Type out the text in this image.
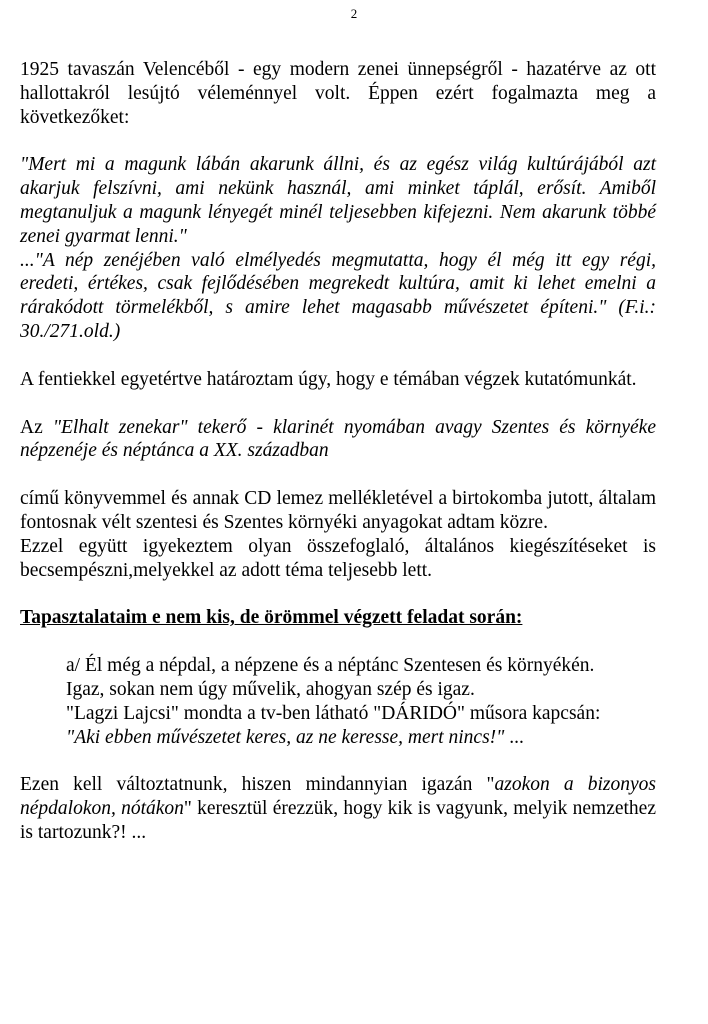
2

1925 tavaszán Velencéből - egy modern zenei ünnepségről - hazatérve az ott hallottakról lesújtó véleménnyel volt. Éppen ezért fogalmazta meg a következőket:

"Mert mi a magunk lábán akarunk állni, és az egész világ kultúrájából azt akarjuk felszívni, ami nekünk használ, ami minket táplál, erősít. Amiből megtanuljuk a magunk lényegét minél teljesebben kifejezni. Nem akarunk többé zenei gyarmat lenni."

..."A nép zenéjében való elmélyedés megmutatta, hogy él még itt egy régi, eredeti, értékes, csak fejlődésében megrekedt kultúra, amit ki lehet emelni a rárakódott törmelékből, s amire lehet magasabb művészetet építeni." (F.i.: 30./271.old.)

A fentiekkel egyetértve határoztam úgy, hogy e témában végzek kutatómunkát.

Az "Elhalt zenekar" tekerő - klarinét nyomában avagy Szentes és környéke népzenéje és néptánca a XX. században

című könyvemmel és annak CD lemez mellékletével a birtokomba jutott, általam fontosnak vélt szentesi és Szentes környéki anyagokat adtam közre.

Ezzel együtt igyekeztem olyan összefoglaló, általános kiegészítéseket is becsempészni,melyekkel az adott téma teljesebb lett.

Tapasztalataim e nem kis, de örömmel végzett feladat során:

a/ Él még a népdal, a népzene és a néptánc Szentesen és környékén.

Igaz, sokan nem úgy művelik, ahogyan szép és igaz.

"Lagzi Lajcsi" mondta a tv-ben látható "DÁRIDÓ" műsora kapcsán:

"Aki ebben művészetet keres, az ne keresse, mert nincs!" ...

Ezen kell változtatnunk, hiszen mindannyian igazán "azokon a bizonyos népdalokon, nótákon" keresztül érezzük, hogy kik is vagyunk, melyik nemzethez is tartozunk?! ...
